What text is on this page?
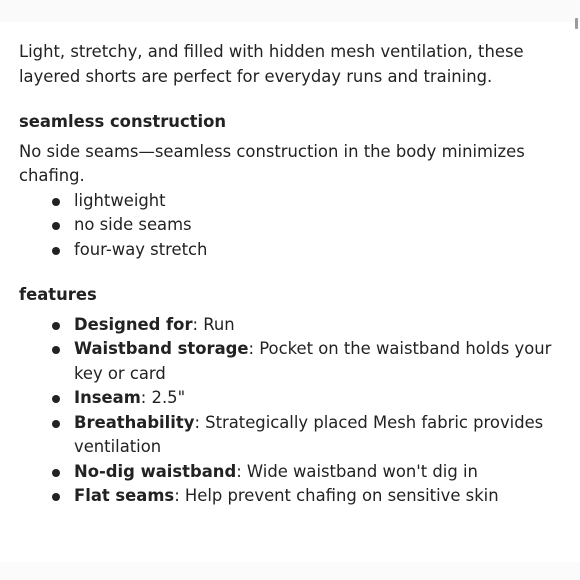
Light, stretchy, and filled with hidden mesh ventilation, these layered shorts are perfect for everyday runs and training.

seamless construction

No side seams—seamless construction in the body minimizes chafing.

lightweight
no side seams
four-way stretch

features

Designed for: Run
Waistband storage: Pocket on the waistband holds your key or card
Inseam: 2.5"
Breathability: Strategically placed Mesh fabric provides ventilation
No-dig waistband: Wide waistband won't dig in
Flat seams: Help prevent chafing on sensitive skin
